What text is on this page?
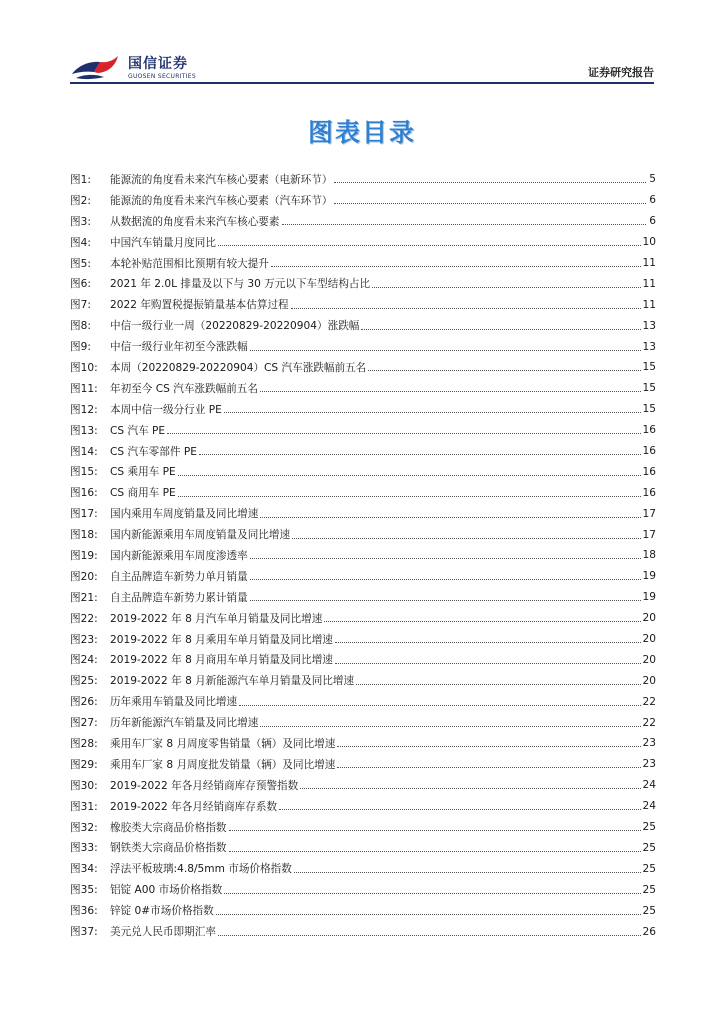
国信证券
GUOSEN SECURITIES	证券研究报告
图表目录
图1:	能源流的角度看未来汽车核心要素（电新环节）	5
图2:	能源流的角度看未来汽车核心要素（汽车环节）	6
图3:	从数据流的角度看未来汽车核心要素	6
图4:	中国汽车销量月度同比	10
图5:	本轮补贴范围相比预期有较大提升	11
图6:	2021 年 2.0L 排量及以下与 30 万元以下车型结构占比	11
图7:	2022 年购置税提振销量基本估算过程	11
图8:	中信一级行业一周（20220829-20220904）涨跌幅	13
图9:	中信一级行业年初至今涨跌幅	13
图10:	本周（20220829-20220904）CS 汽车涨跌幅前五名	15
图11:	年初至今 CS 汽车涨跌幅前五名	15
图12:	本周中信一级分行业 PE	15
图13:	CS 汽车 PE	16
图14:	CS 汽车零部件 PE	16
图15:	CS 乘用车 PE	16
图16:	CS 商用车 PE	16
图17:	国内乘用车周度销量及同比增速	17
图18:	国内新能源乘用车周度销量及同比增速	17
图19:	国内新能源乘用车周度渗透率	18
图20:	自主品牌造车新势力单月销量	19
图21:	自主品牌造车新势力累计销量	19
图22:	2019-2022 年 8 月汽车单月销量及同比增速	20
图23:	2019-2022 年 8 月乘用车单月销量及同比增速	20
图24:	2019-2022 年 8 月商用车单月销量及同比增速	20
图25:	2019-2022 年 8 月新能源汽车单月销量及同比增速	20
图26:	历年乘用车销量及同比增速	22
图27:	历年新能源汽车销量及同比增速	22
图28:	乘用车厂家 8 月周度零售销量（辆）及同比增速	23
图29:	乘用车厂家 8 月周度批发销量（辆）及同比增速	23
图30:	2019-2022 年各月经销商库存预警指数	24
图31:	2019-2022 年各月经销商库存系数	24
图32:	橡胶类大宗商品价格指数	25
图33:	钢铁类大宗商品价格指数	25
图34:	浮法平板玻璃:4.8/5mm 市场价格指数	25
图35:	铝锭 A00 市场价格指数	25
图36:	锌锭 0#市场价格指数	25
图37:	美元兑人民币即期汇率	26
